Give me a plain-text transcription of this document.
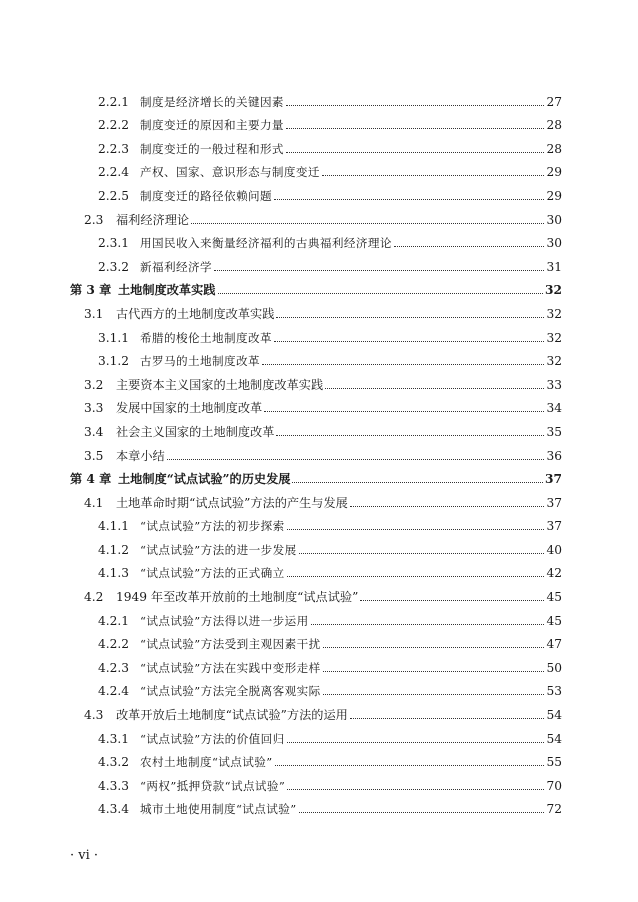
2.2.1 制度是经济增长的关键因素	27
2.2.2 制度变迁的原因和主要力量	28
2.2.3 制度变迁的一般过程和形式	28
2.2.4 产权、国家、意识形态与制度变迁	29
2.2.5 制度变迁的路径依赖问题	29
2.3	福利经济理论	30
2.3.1 用国民收入来衡量经济福利的古典福利经济理论	30
2.3.2 新福利经济学	31
第 3 章 土地制度改革实践	32
3.1	古代西方的土地制度改革实践	32
3.1.1 希腊的梭伦土地制度改革	32
3.1.2 古罗马的土地制度改革	32
3.2	主要资本主义国家的土地制度改革实践	33
3.3	发展中国家的土地制度改革	34
3.4	社会主义国家的土地制度改革	35
3.5	本章小结	36
第 4 章 土地制度“试点试验”的历史发展	37
4.1	土地革命时期“试点试验”方法的产生与发展	37
4.1.1 “试点试验”方法的初步探索	37
4.1.2 “试点试验”方法的进一步发展	40
4.1.3 “试点试验”方法的正式确立	42
4.2	1949 年至改革开放前的土地制度“试点试验”	45
4.2.1 “试点试验”方法得以进一步运用	45
4.2.2 “试点试验”方法受到主观因素干扰	47
4.2.3 “试点试验”方法在实践中变形走样	50
4.2.4 “试点试验”方法完全脱离客观实际	53
4.3	改革开放后土地制度“试点试验”方法的运用	54
4.3.1 “试点试验”方法的价值回归	54
4.3.2 农村土地制度“试点试验”	55
4.3.3 “两权”抵押贷款“试点试验”	70
4.3.4 城市土地使用制度“试点试验”	72
· vi ·
